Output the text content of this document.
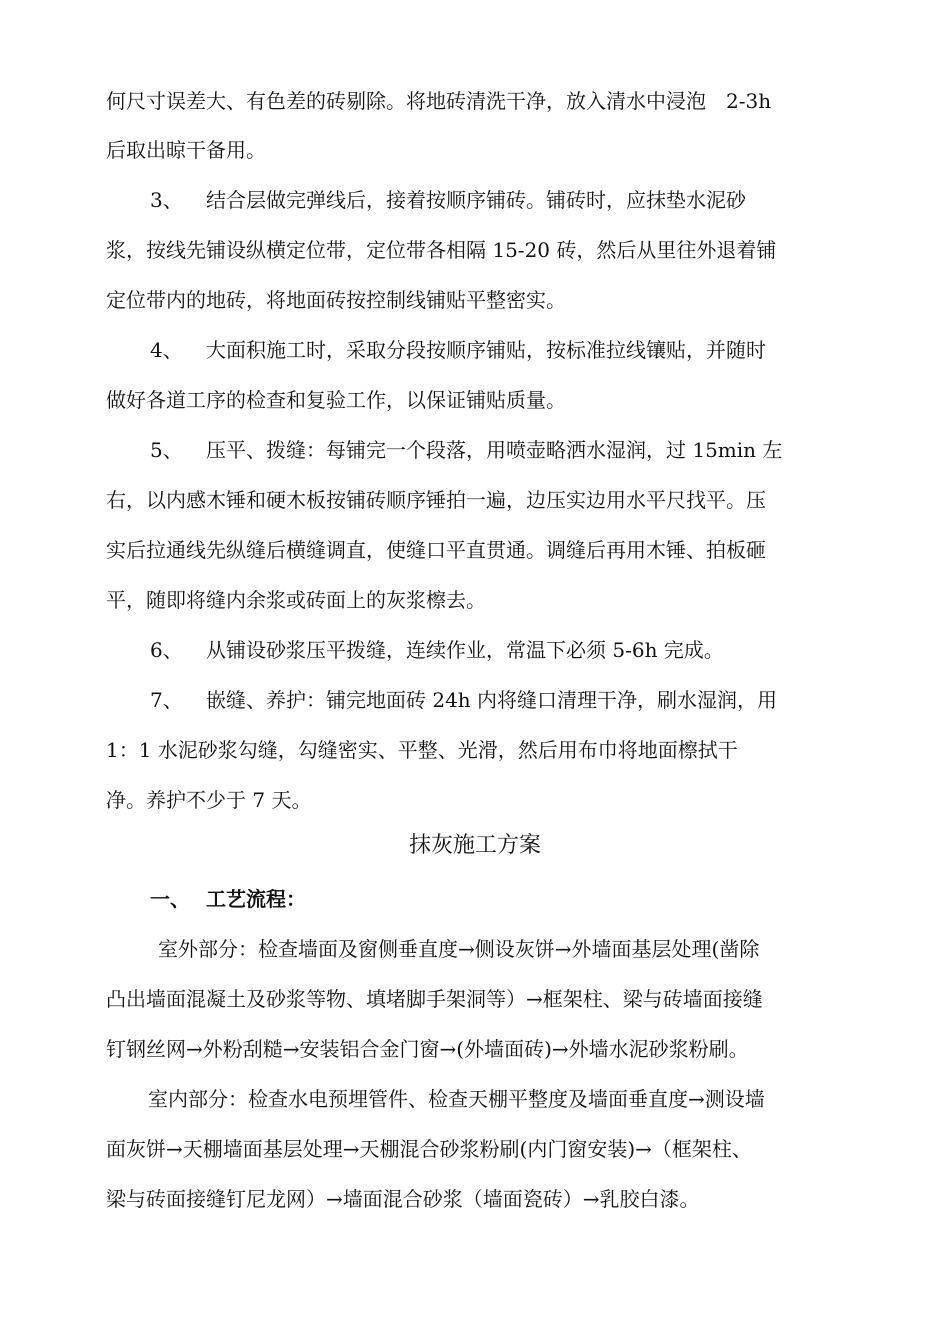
何尺寸误差大、有色差的砖剔除。将地砖清洗干净，放入清水中浸泡　2-3h
后取出晾干备用。
3、 结合层做完弹线后，接着按顺序铺砖。铺砖时，应抹垫水泥砂
浆，按线先铺设纵横定位带，定位带各相隔 15-20 砖，然后从里往外退着铺
定位带内的地砖，将地面砖按控制线铺贴平整密实。
4、 大面积施工时，采取分段按顺序铺贴，按标准拉线镶贴，并随时
做好各道工序的检查和复验工作，以保证铺贴质量。
5、 压平、拨缝：每铺完一个段落，用喷壶略洒水湿润，过 15min 左
右，以内感木锤和硬木板按铺砖顺序锤拍一遍，边压实边用水平尺找平。压
实后拉通线先纵缝后横缝调直，使缝口平直贯通。调缝后再用木锤、拍板砸
平，随即将缝内余浆或砖面上的灰浆檫去。
6、 从铺设砂浆压平拨缝，连续作业，常温下必须 5-6h 完成。
7、 嵌缝、养护：铺完地面砖 24h 内将缝口清理干净，刷水湿润，用
1：1 水泥砂浆勾缝，勾缝密实、平整、光滑，然后用布巾将地面檫拭干
净。养护不少于 7 天。
抹灰施工方案
一、 工艺流程：
室外部分：检查墙面及窗侧垂直度→侧设灰饼→外墙面基层处理(凿除
凸出墙面混凝土及砂浆等物、填堵脚手架洞等）→框架柱、梁与砖墙面接缝
钉钢丝网→外粉刮糙→安装铝合金门窗→(外墙面砖)→外墙水泥砂浆粉刷。
室内部分：检查水电预埋管件、检查天棚平整度及墙面垂直度→测设墙
面灰饼→天棚墙面基层处理→天棚混合砂浆粉刷(内门窗安装)→（框架柱、
梁与砖面接缝钉尼龙网）→墙面混合砂浆（墙面瓷砖）→乳胶白漆。
